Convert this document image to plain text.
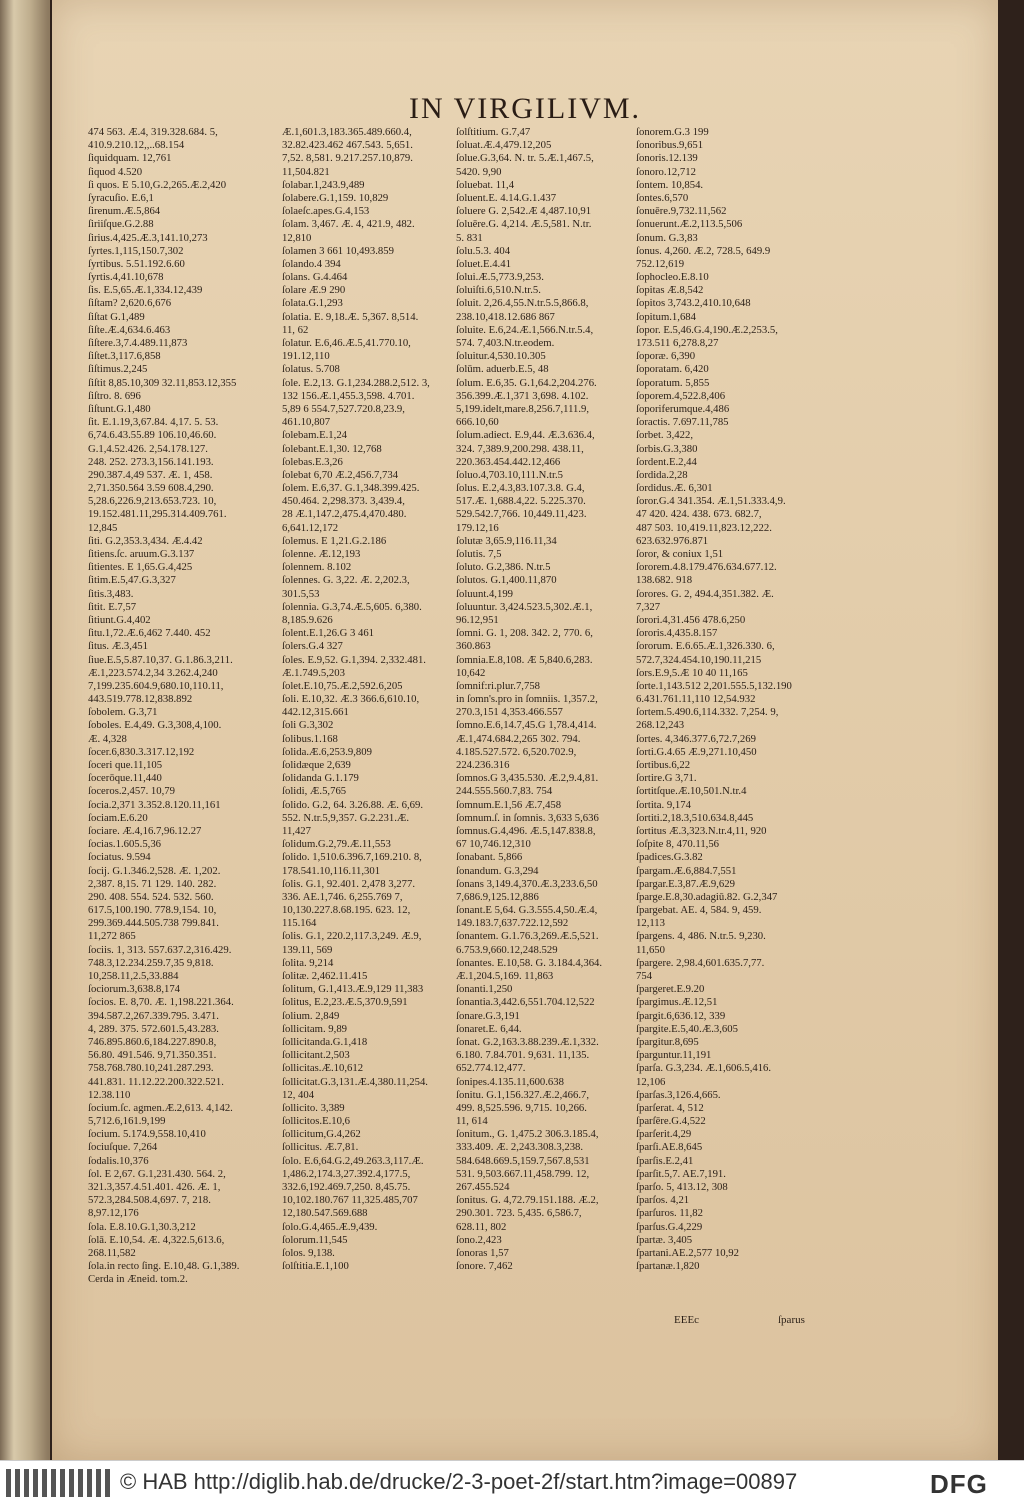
IN VIRGILIVM.
474 563. Æ.4, 319.328.684. 5,
410.9.210.12,,..68.154
ſiquidquam. 12,761
ſiquod 4.520
ſi quos. E 5.10,G.2,265.Æ.2,420
ſyracuſio. E.6,1
ſirenum.Æ.5,864
ſiriiſque.G.2.88
ſirius.4,425.Æ.3,141.10,273
ſyrtes.1,115,150.7,302
ſyrtibus. 5.51.192.6.60
ſyrtis.4,41.10,678
ſis. E.5,65.Æ.1,334.12,439
ſiſtam? 2,620.6,676
ſiſtat G.1,489
ſiſte.Æ.4,634.6.463
ſiſtere.3,7.4.489.11,873
ſiſtet.3,117.6,858
ſiſtimus.2,245
ſiſtit 8,85.10,309 32.11,853.12,355
ſiſtro. 8. 696
ſiſtunt.G.1,480
ſit. E.1.19,3,67.84. 4,17. 5. 53.
6,74.6.43.55.89 106.10,46.60.
G.1,4.52.426. 2,54.178.127.
248. 252. 273.3,156.141.193.
290.387.4,49 537. Æ. 1, 458.
2,71.350.564 3.59 608.4,290.
5,28.6,226.9,213.653.723. 10,
19.152.481.11,295.314.409.761.
12,845
ſiti. G.2,353.3,434. Æ.4.42
ſitiens.ſc. aruum.G.3.137
ſitientes. E 1,65.G.4,425
ſitim.E.5,47.G.3,327
ſitis.3,483.
ſitit. E.7,57
ſitiunt.G.4,402
ſitu.1,72.Æ.6,462 7.440. 452
ſitus. Æ.3,451
ſiue.E.5,5.87.10,37. G.1.86.3,211.
Æ.1,223.574.2,34 3.262.4,240
7,199.235.604.9,680.10,110.11,
443.519.778.12,838.892
ſobolem. G.3,71
ſoboles. E.4,49. G.3,308,4,100.
Æ. 4,328
ſocer.6,830.3.317.12,192
ſoceri que.11,105
ſocerōque.11,440
ſoceros.2,457. 10,79
ſocia.2,371 3.352.8.120.11,161
ſociam.E.6.20
ſociare. Æ.4,16.7,96.12.27
ſocias.1.605.5,36
ſociatus. 9.594
ſocij. G.1.346.2,528. Æ. 1,202.
2,387. 8,15. 71 129. 140. 282.
290. 408. 554. 524. 532. 560.
617.5,100.190. 778.9,154. 10,
299.369.444.505.738 799.841.
11,272 865
ſociis. 1, 313. 557.637.2,316.429.
748.3,12.234.259.7,35 9,818.
10,258.11,2.5,33.884
ſociorum.3,638.8,174
ſocios. E. 8,70. Æ. 1,198.221.364.
394.587.2,267.339.795. 3.471.
4, 289. 375. 572.601.5,43.283.
746.895.860.6,184.227.890.8,
56.80. 491.546. 9,71.350.351.
758.768.780.10,241.287.293.
441.831. 11.12.22.200.322.521.
12.38.110
ſocium.ſc. agmen.Æ.2,613. 4,142.
5,712.6,161.9,199
ſocium. 5.174.9,558.10,410
ſociuſque. 7,264
ſodalis.10,376
ſol. E 2,67. G.1,231.430. 564. 2,
321.3,357.4.51.401. 426. Æ. 1,
572.3,284.508.4,697. 7, 218.
8,97.12,176
ſola. E.8.10.G.1,30.3,212
ſolā. E.10,54. Æ. 4,322.5,613.6,
268.11,582
ſola.in recto ſing. E.10,48. G.1,389.
Cerda in Æneid. tom.2.
Æ.1,601.3,183.365.489.660.4,
32.82.423.462 467.543. 5,651.
7,52. 8,581. 9.217.257.10,879.
11,504.821
ſolabar.1,243.9,489
ſolabere.G.1,159. 10,829
ſolaeſc.apes.G.4,153
ſolam. 3,467. Æ. 4, 421.9, 482.
12,810
ſolamen 3 661 10,493.859
ſolando.4 394
ſolans. G.4.464
ſolare Æ.9 290
ſolata.G.1,293
ſolatia. E. 9,18.Æ. 5,367. 8,514.
11, 62
ſolatur. E.6,46.Æ.5,41.770.10,
191.12,110
ſolatus. 5.708
ſole. E.2,13. G.1,234.288.2,512. 3,
132 156.Æ.1,455.3,598. 4.701.
5,89 6 554.7,527.720.8,23.9,
461.10,807
ſolebam.E.1,24
ſolebant.E.1,30. 12,768
ſolebas.E.3,26
ſolebat 6,70 Æ.2,456.7,734
ſolem. E.6,37. G.1,348.399.425.
450.464. 2,298.373. 3,439.4,
28 Æ.1,147.2,475.4,470.480.
6,641.12,172
ſolemus. E 1,21.G.2.186
ſolenne. Æ.12,193
ſolennem. 8.102
ſolennes. G. 3,22. Æ. 2,202.3,
301.5,53
ſolennia. G.3,74.Æ.5,605. 6,380.
8,185.9.626
ſolent.E.1,26.G 3 461
ſolers.G.4 327
ſoles. E.9,52. G.1,394. 2,332.481.
Æ.1.749.5,203
ſolet.E.10,75.Æ.2,592.6,205
ſoli. E.10,32. Æ.3 366.6,610.10,
442.12,315.661
ſoli G.3,302
ſolibus.1.168
ſolida.Æ.6,253.9,809
ſolidæque 2,639
ſolidanda G.1.179
ſolidi, Æ.5,765
ſolido. G.2, 64. 3.26.88. Æ. 6,69.
552. N.tr.5,9,357. G.2.231.Æ.
11,427
ſolidum.G.2,79.Æ.11,553
ſolido. 1,510.6.396.7,169.210. 8,
178.541.10,116.11,301
ſolis. G.1, 92.401. 2,478 3,277.
336. AE.1,746. 6,255.769 7,
10,130.227.8.68.195. 623. 12,
115.164
ſolis. G.1, 220.2,117.3,249. Æ.9,
139.11, 569
ſolita. 9,214
ſolitæ. 2,462.11.415
ſolitum, G.1,413.Æ.9,129 11,383
ſolitus, E.2,23.Æ.5,370.9,591
ſolium. 2,849
ſollicitam. 9,89
ſollicitanda.G.1,418
ſollicitant.2,503
ſollicitas.Æ.10,612
ſollicitat.G.3,131.Æ.4,380.11,254.
12, 404
ſollicito. 3,389
ſollicitos.E.10,6
ſollicitum,G.4,262
ſollicitus. Æ.7,81.
ſolo. E.6,64.G.2,49.263.3,117.Æ.
1,486.2,174.3,27.392.4,177.5,
332.6,192.469.7,250. 8,45.75.
10,102.180.767 11,325.485,707
12,180.547.569.688
ſolo.G.4,465.Æ.9,439.
ſolorum.11,545
ſolos. 9,138.
ſolſtitia.E.1,100
ſolſtitium. G.7,47
ſoluat.Æ.4,479.12,205
ſolue.G.3,64. N. tr. 5.Æ.1,467.5,
5420. 9,90
ſoluebat. 11,4
ſoluent.E. 4.14.G.1.437
ſoluere G. 2,542.Æ 4,487.10,91
ſoluēre.G. 4,214. Æ.5,581. N.tr.
5. 831
ſolu.5.3. 404
ſoluet.E.4.41
ſolui.Æ.5,773.9,253.
ſoluiſti.6,510.N.tr.5.
ſoluit. 2,26.4,55.N.tr.5.5,866.8,
238.10,418.12.686 867
ſoluite. E.6,24.Æ.1,566.N.tr.5.4,
574. 7,403.N.tr.eodem.
ſoluitur.4,530.10.305
ſolūm. aduerb.E.5, 48
ſolum. E.6,35. G.1,64.2,204.276.
356.399.Æ.1,371 3,698. 4.102.
5,199.idelt,mare.8,256.7,111.9,
666.10,60
ſolum.adiect. E.9,44. Æ.3.636.4,
324. 7,389.9,200.298. 438.11,
220.363.454.442.12,466
ſoluo.4,703.10,111.N.tr.5
ſolus. E.2,4.3,83.107.3.8. G.4,
517.Æ. 1,688.4,22. 5.225.370.
529.542.7,766. 10,449.11,423.
179.12,16
ſolutæ 3,65.9,116.11,34
ſolutis. 7,5
ſoluto. G.2,386. N.tr.5
ſolutos. G.1,400.11,870
ſoluunt.4,199
ſoluuntur. 3,424.523.5,302.Æ.1,
96.12,951
ſomni. G. 1, 208. 342. 2, 770. 6,
360.863
ſomnia.E.8,108. Æ 5,840.6,283.
10,642
ſomnif:ri.plur.7,758
in ſomn's.pro in ſomniis. 1,357.2,
270.3,151 4,353.466.557
ſomno.E.6,14.7,45.G 1,78.4,414.
Æ.1,474.684.2,265 302. 794.
4.185.527.572. 6,520.702.9,
224.236.316
ſomnos.G 3,435.530. Æ.2,9.4,81.
244.555.560.7,83. 754
ſomnum.E.1,56 Æ.7,458
ſomnum.ſ. in ſomnis. 3,633 5,636
ſomnus.G.4,496. Æ.5,147.838.8,
67 10,746.12,310
ſonabant. 5,866
ſonandum. G.3,294
ſonans 3,149.4,370.Æ.3,233.6,50
7,686.9,125.12,886
ſonant.E 5,64. G.3.555.4,50.Æ.4,
149.183.7,637.722.12,592
ſonantem. G.1.76.3,269.Æ.5,521.
6.753.9,660.12,248.529
ſonantes. E.10,58. G. 3.184.4,364.
Æ.1,204.5,169. 11,863
ſonanti.1,250
ſonantia.3,442.6,551.704.12,522
ſonare.G.3,191
ſonaret.E. 6,44.
ſonat. G.2,163.3.88.239.Æ.1,332.
6.180. 7.84.701. 9,631. 11,135.
652.774.12,477.
ſonipes.4.135.11,600.638
ſonitu. G.1,156.327.Æ.2,466.7,
499. 8,525.596. 9,715. 10,266.
11, 614
ſonitum., G. 1,475.2 306.3.185.4,
333.409. Æ. 2,243.308.3,238.
584.648.669.5,159.7,567.8,531
531. 9,503.667.11,458.799. 12,
267.455.524
ſonitus. G. 4,72.79.151.188. Æ.2,
290.301. 723. 5,435. 6,586.7,
628.11, 802
ſono.2,423
ſonoras 1,57
ſonore. 7,462
ſonorem.G.3 199
ſonoribus.9,651
ſonoris.12.139
ſonoro.12,712
ſontem. 10,854.
ſontes.6,570
ſonuēre.9,732.11,562
ſonuerunt.Æ.2,113.5,506
ſonum. G.3,83
ſonus. 4,260. Æ.2, 728.5, 649.9
752.12,619
ſophocleo.E.8.10
ſopitas Æ.8,542
ſopitos 3,743.2,410.10,648
ſopitum.1,684
ſopor. E.5,46.G.4,190.Æ.2,253.5,
173.511 6,278.8,27
ſoporæ. 6,390
ſoporatam. 6,420
ſoporatum. 5,855
ſoporem.4,522.8,406
ſoporiferumque.4,486
ſoractis. 7.697.11,785
ſorbet. 3,422,
ſorbis.G.3,380
ſordent.E.2,44
ſordida.2,28
ſordidus.Æ. 6,301
ſoror.G.4 341.354. Æ.1,51.333.4,9.
47 420. 424. 438. 673. 682.7,
487 503. 10,419.11,823.12,222.
623.632.976.871
ſoror, & coniux 1,51
ſororem.4.8.179.476.634.677.12.
138.682. 918
ſorores. G. 2, 494.4,351.382. Æ.
7,327
ſorori.4,31.456 478.6,250
ſororis.4,435.8.157
ſororum. E.6.65.Æ.1,326.330. 6,
572.7,324.454.10,190.11,215
ſors.E.9,5.Æ 10 40 11,165
ſorte.1,143.512 2,201.555.5,132.190
6.431.761.11,110 12,54.932
ſortem.5.490.6,114.332. 7,254. 9,
268.12,243
ſortes. 4,346.377.6,72.7,269
ſorti.G.4.65 Æ.9,271.10,450
ſortibus.6,22
ſortire.G 3,71.
ſortitſque.Æ.10,501.N.tr.4
ſortita. 9,174
ſortiti.2,18.3,510.634.8,445
ſortitus Æ.3,323.N.tr.4,11, 920
ſoſpite 8, 470.11,56
ſpadices.G.3.82
ſpargam.Æ.6,884.7,551
ſpargar.E.3,87.Æ.9,629
ſparge.E.8,30.adagiū.82. G.2,347
ſpargebat. AE. 4, 584. 9, 459.
12,113
ſpargens. 4, 486. N.tr.5. 9,230.
11,650
ſpargere. 2,98.4,601.635.7,77.
754
ſpargeret.E.9.20
ſpargimus.Æ.12,51
ſpargit.6,636.12, 339
ſpargite.E.5,40.Æ.3,605
ſpargitur.8,695
ſparguntur.11,191
ſparſa. G.3,234. Æ.1,606.5,416.
12,106
ſparſas.3,126.4,665.
ſparſerat. 4, 512
ſparſēre.G.4,522
ſparſerit.4,29
ſparſi.AE.8,645
ſparſis.E.2,41
ſparſit.5,7. AE.7,191.
ſparſo. 5, 413.12, 308
ſparſos. 4,21
ſparſuros. 11,82
ſparſus.G.4,229
ſpartæ. 3,405
ſpartani.AE.2,577 10,92
ſpartanæ.1,820
EEEc	ſparus
© HAB http://diglib.hab.de/drucke/2-3-poet-2f/start.htm?image=00897	DFG
